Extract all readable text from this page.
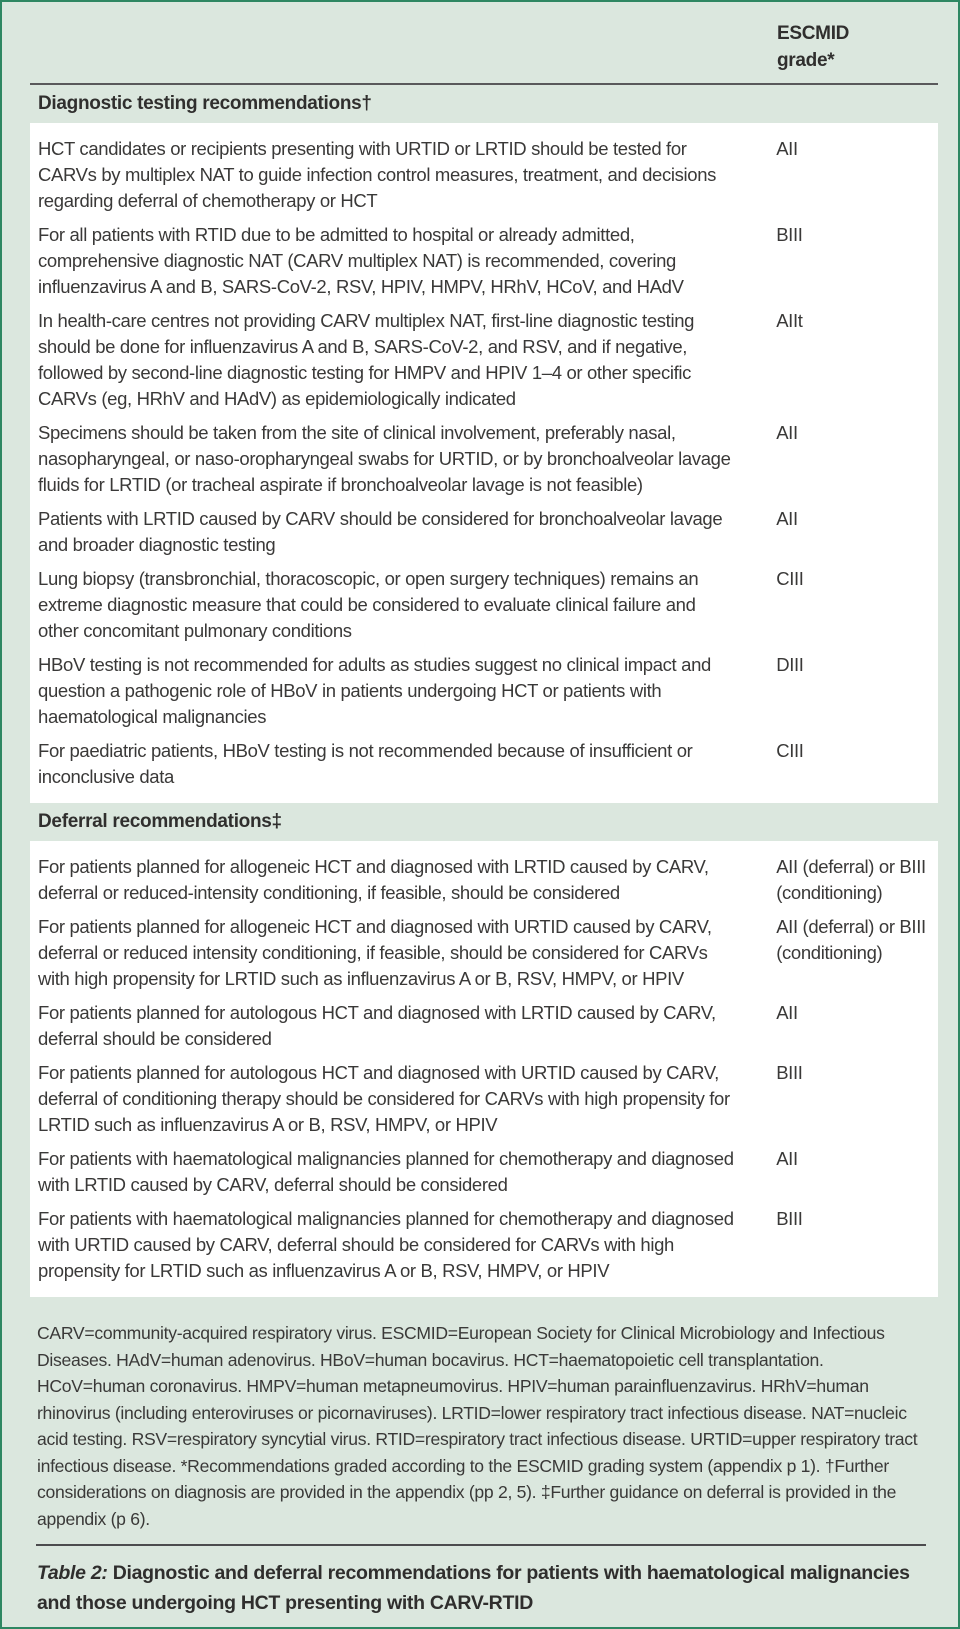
ESCMID grade*
Diagnostic testing recommendations†
HCT candidates or recipients presenting with URTID or LRTID should be tested for CARVs by multiplex NAT to guide infection control measures, treatment, and decisions regarding deferral of chemotherapy or HCT
AII
For all patients with RTID due to be admitted to hospital or already admitted, comprehensive diagnostic NAT (CARV multiplex NAT) is recommended, covering influenzavirus A and B, SARS-CoV-2, RSV, HPIV, HMPV, HRhV, HCoV, and HAdV
BIII
In health-care centres not providing CARV multiplex NAT, first-line diagnostic testing should be done for influenzavirus A and B, SARS-CoV-2, and RSV, and if negative, followed by second-line diagnostic testing for HMPV and HPIV 1–4 or other specific CARVs (eg, HRhV and HAdV) as epidemiologically indicated
AIIt
Specimens should be taken from the site of clinical involvement, preferably nasal, nasopharyngeal, or naso-oropharyngeal swabs for URTID, or by bronchoalveolar lavage fluids for LRTID (or tracheal aspirate if bronchoalveolar lavage is not feasible)
AII
Patients with LRTID caused by CARV should be considered for bronchoalveolar lavage and broader diagnostic testing
AII
Lung biopsy (transbronchial, thoracoscopic, or open surgery techniques) remains an extreme diagnostic measure that could be considered to evaluate clinical failure and other concomitant pulmonary conditions
CIII
HBoV testing is not recommended for adults as studies suggest no clinical impact and question a pathogenic role of HBoV in patients undergoing HCT or patients with haematological malignancies
DIII
For paediatric patients, HBoV testing is not recommended because of insufficient or inconclusive data
CIII
Deferral recommendations‡
For patients planned for allogeneic HCT and diagnosed with LRTID caused by CARV, deferral or reduced-intensity conditioning, if feasible, should be considered
AII (deferral) or BIII (conditioning)
For patients planned for allogeneic HCT and diagnosed with URTID caused by CARV, deferral or reduced intensity conditioning, if feasible, should be considered for CARVs with high propensity for LRTID such as influenzavirus A or B, RSV, HMPV, or HPIV
AII (deferral) or BIII (conditioning)
For patients planned for autologous HCT and diagnosed with LRTID caused by CARV, deferral should be considered
AII
For patients planned for autologous HCT and diagnosed with URTID caused by CARV, deferral of conditioning therapy should be considered for CARVs with high propensity for LRTID such as influenzavirus A or B, RSV, HMPV, or HPIV
BIII
For patients with haematological malignancies planned for chemotherapy and diagnosed with LRTID caused by CARV, deferral should be considered
AII
For patients with haematological malignancies planned for chemotherapy and diagnosed with URTID caused by CARV, deferral should be considered for CARVs with high propensity for LRTID such as influenzavirus A or B, RSV, HMPV, or HPIV
BIII
CARV=community-acquired respiratory virus. ESCMID=European Society for Clinical Microbiology and Infectious Diseases. HAdV=human adenovirus. HBoV=human bocavirus. HCT=haematopoietic cell transplantation. HCoV=human coronavirus. HMPV=human metapneumovirus. HPIV=human parainfluenzavirus. HRhV=human rhinovirus (including enteroviruses or picornaviruses). LRTID=lower respiratory tract infectious disease. NAT=nucleic acid testing. RSV=respiratory syncytial virus. RTID=respiratory tract infectious disease. URTID=upper respiratory tract infectious disease. *Recommendations graded according to the ESCMID grading system (appendix p 1). †Further considerations on diagnosis are provided in the appendix (pp 2, 5). ‡Further guidance on deferral is provided in the appendix (p 6).
Table 2: Diagnostic and deferral recommendations for patients with haematological malignancies and those undergoing HCT presenting with CARV-RTID
